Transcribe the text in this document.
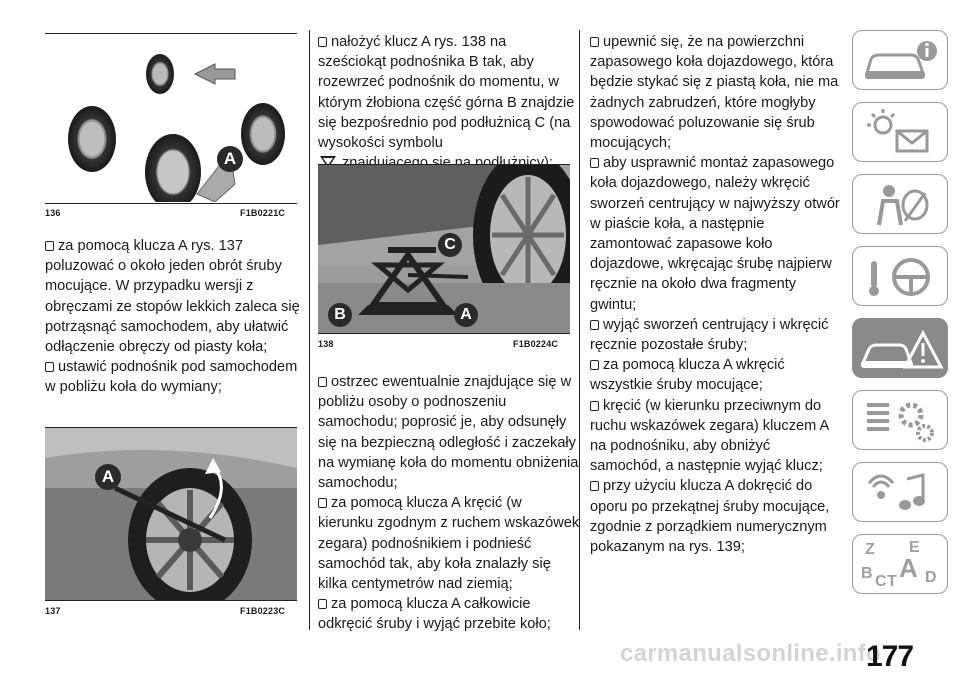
A
136	F1B0221C

za pomocą klucza A rys. 137 poluzować o około jeden obrót śruby mocujące. W przypadku wersji z obręczami ze stopów lekkich zaleca się potrząsnąć samochodem, aby ułatwić odłączenie obręczy od piasty koła;

ustawić podnośnik pod samochodem w pobliżu koła do wymiany;

A
137	F1B0223C

nałożyć klucz A rys. 138 na sześciokąt podnośnika B tak, aby rozewrzeć podnośnik do momentu, w którym żłobiona część górna B znajdzie się bezpośrednio pod podłużnicą C (na wysokości symbolu

C
B	A
138	F1B0224C

ostrzec ewentualnie znajdujące się w pobliżu osoby o podnoszeniu samochodu; poprosić je, aby odsunęły się na bezpieczną odległość i zaczekały na wymianę koła do momentu obniżenia samochodu;

za pomocą klucza A kręcić (w kierunku zgodnym z ruchem wskazówek zegara) podnośnikiem i podnieść samochód tak, aby koła znalazły się kilka centymetrów nad ziemią;

za pomocą klucza A całkowicie odkręcić śruby i wyjąć przebite koło;

upewnić się, że na powierzchni zapasowego koła dojazdowego, która będzie stykać się z piastą koła, nie ma żadnych zabrudzeń, które mogłyby spowodować poluzowanie się śrub mocujących;

aby usprawnić montaż zapasowego koła dojazdowego, należy wkręcić sworzeń centrujący w najwyższy otwór w piaście koła, a następnie zamontować zapasowe koło dojazdowe, wkręcając śrubę najpierw ręcznie na około dwa fragmenty gwintu;

wyjąć sworzeń centrujący i wkręcić ręcznie pozostałe śruby;

za pomocą klucza A wkręcić wszystkie śruby mocujące;

kręcić (w kierunku przeciwnym do ruchu wskazówek zegara) kluczem A na podnośniku, aby obniżyć samochód, a następnie wyjąć klucz;

przy użyciu klucza A dokręcić do oporu po przekątnej śruby mocujące, zgodnie z porządkiem numerycznym pokazanym na rys. 139;	Z E
B A
C T D
carmanualsonline.info
177
